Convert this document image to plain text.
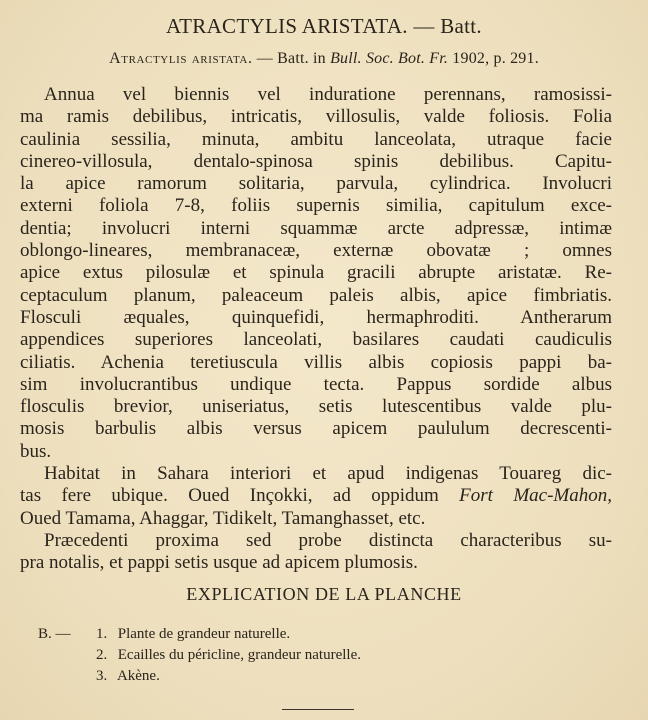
ATRACTYLIS ARISTATA. — Batt.
Atractylis aristata. — Batt. in Bull. Soc. Bot. Fr. 1902, p. 291.
Annua vel biennis vel induratione perennans, ramosissi-
ma ramis debilibus, intricatis, villosulis, valde foliosis. Folia
caulinia sessilia, minuta, ambitu lanceolata, utraque facie
cinereo-villosula, dentalo-spinosa spinis debilibus. Capitu-
la apice ramorum solitaria, parvula, cylindrica. Involucri
externi foliola 7-8, foliis supernis similia, capitulum exce-
dentia; involucri interni squammæ arcte adpressæ, intimæ
oblongo-lineares, membranaceæ, externæ obovatæ ; omnes
apice extus pilosulæ et spinula gracili abrupte aristatæ. Re-
ceptaculum planum, paleaceum paleis albis, apice fimbriatis.
Flosculi æquales, quinquefidi, hermaphroditi. Antherarum
appendices superiores lanceolati, basilares caudati caudiculis
ciliatis. Achenia teretiuscula villis albis copiosis pappi ba-
sim involucrantibus undique tecta. Pappus sordide albus
flosculis brevior, uniseriatus, setis lutescentibus valde plu-
mosis barbulis albis versus apicem paululum decrescenti-
bus.
Habitat in Sahara interiori et apud indigenas Touareg dic-
tas fere ubique. Oued Inçokki, ad oppidum Fort Mac-Mahon,
Oued Tamama, Ahaggar, Tidikelt, Tamanghasset, etc.
Præcedenti proxima sed probe distincta characteribus su-
pra notalis, et pappi setis usque ad apicem plumosis.
EXPLICATION DE LA PLANCHE
B. — 1. Plante de grandeur naturelle.
2. Ecailles du péricline, grandeur naturelle.
3. Akène.
